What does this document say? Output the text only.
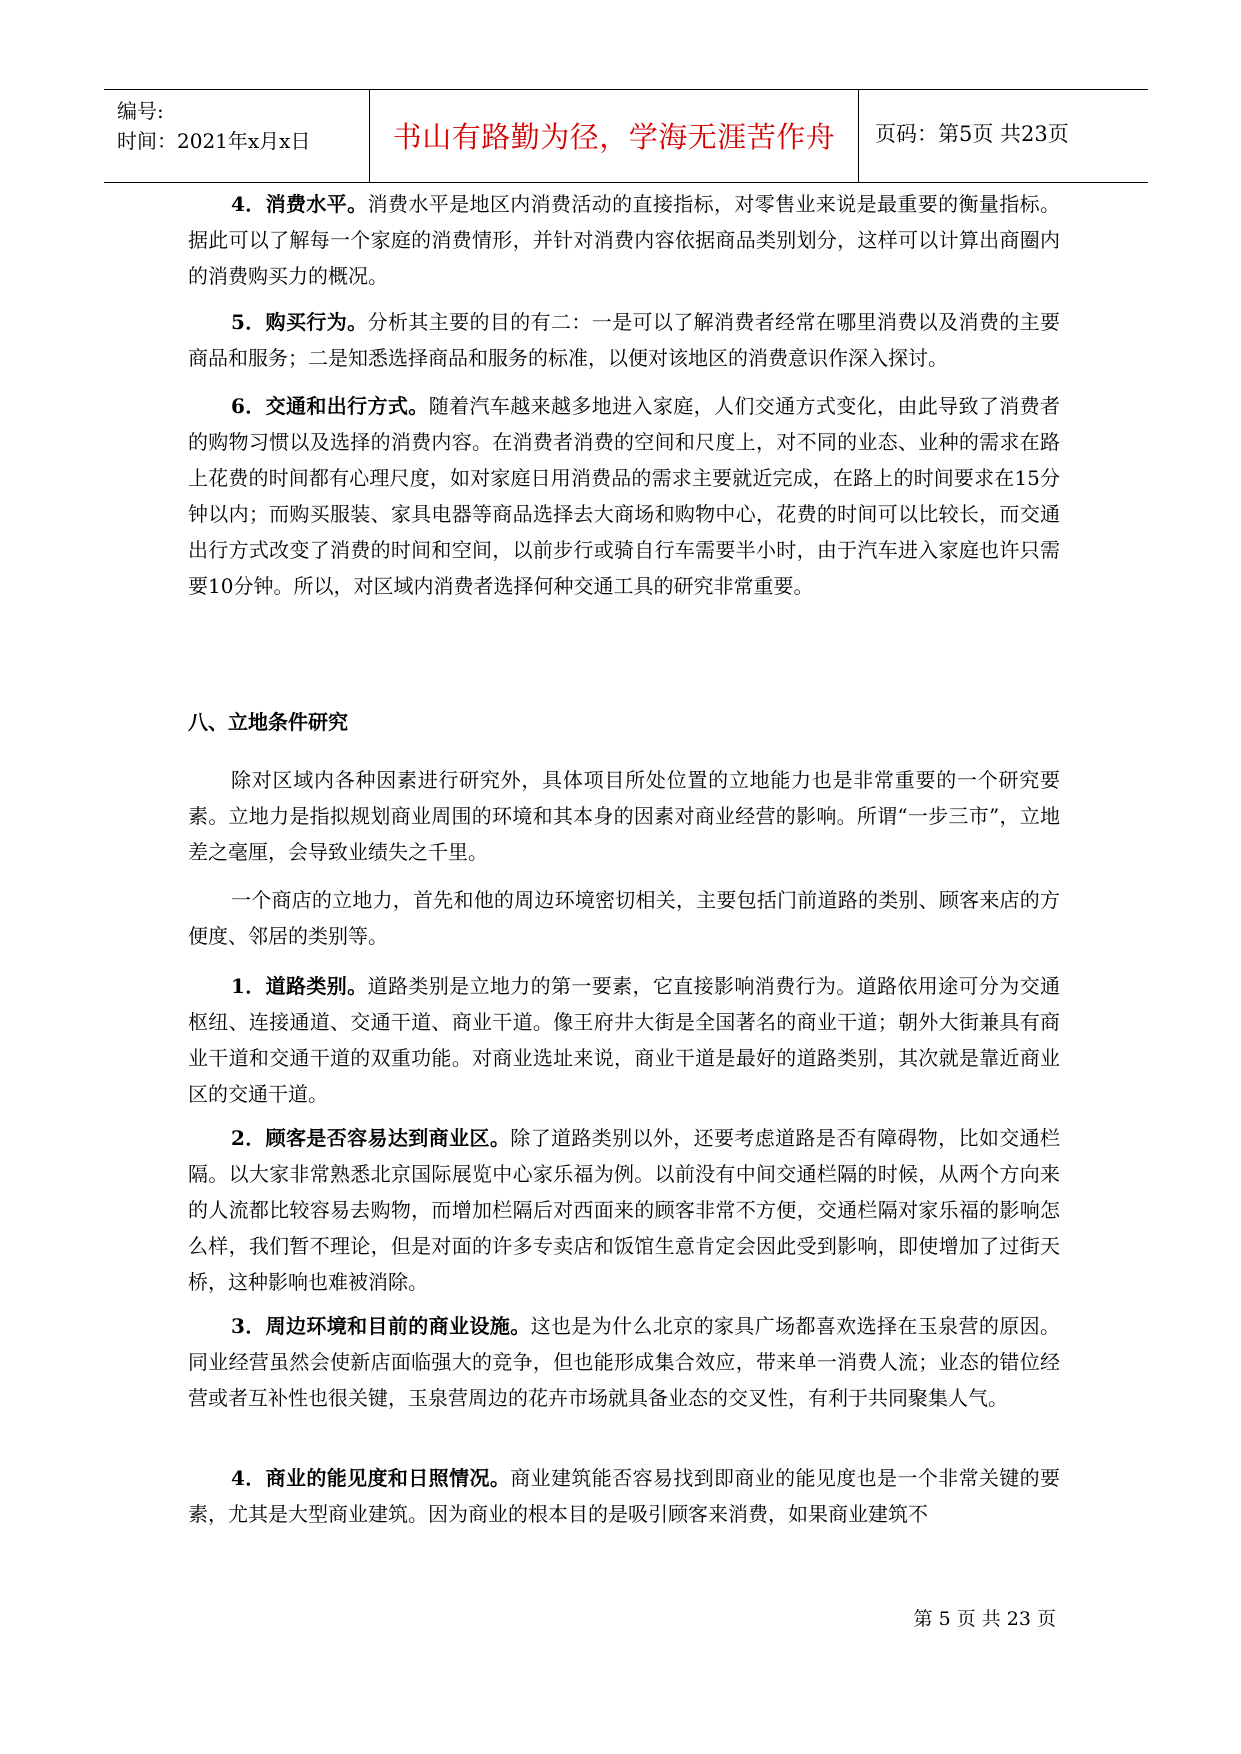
编号:
时间：2021年x月x日	书山有路勤为径，学海无涯苦作舟	页码：第5页 共23页

4．消费水平。消费水平是地区内消费活动的直接指标，对零售业来说是最重要的衡量指标。据此可以了解每一个家庭的消费情形，并针对消费内容依据商品类别划分，这样可以计算出商圈内的消费购买力的概况。

5．购买行为。分析其主要的目的有二：一是可以了解消费者经常在哪里消费以及消费的主要商品和服务；二是知悉选择商品和服务的标准，以便对该地区的消费意识作深入探讨。

6．交通和出行方式。随着汽车越来越多地进入家庭，人们交通方式变化，由此导致了消费者的购物习惯以及选择的消费内容。在消费者消费的空间和尺度上，对不同的业态、业种的需求在路上花费的时间都有心理尺度，如对家庭日用消费品的需求主要就近完成，在路上的时间要求在15分钟以内；而购买服装、家具电器等商品选择去大商场和购物中心，花费的时间可以比较长，而交通出行方式改变了消费的时间和空间，以前步行或骑自行车需要半小时，由于汽车进入家庭也许只需要10分钟。所以，对区域内消费者选择何种交通工具的研究非常重要。

八、立地条件研究

除对区域内各种因素进行研究外，具体项目所处位置的立地能力也是非常重要的一个研究要素。立地力是指拟规划商业周围的环境和其本身的因素对商业经营的影响。所谓“一步三市”，立地差之毫厘，会导致业绩失之千里。

一个商店的立地力，首先和他的周边环境密切相关，主要包括门前道路的类别、顾客来店的方便度、邻居的类别等。

1．道路类别。道路类别是立地力的第一要素，它直接影响消费行为。道路依用途可分为交通枢纽、连接通道、交通干道、商业干道。像王府井大街是全国著名的商业干道；朝外大街兼具有商业干道和交通干道的双重功能。对商业选址来说，商业干道是最好的道路类别，其次就是靠近商业区的交通干道。

2．顾客是否容易达到商业区。除了道路类别以外，还要考虑道路是否有障碍物，比如交通栏隔。以大家非常熟悉北京国际展览中心家乐福为例。以前没有中间交通栏隔的时候，从两个方向来的人流都比较容易去购物，而增加栏隔后对西面来的顾客非常不方便，交通栏隔对家乐福的影响怎么样，我们暂不理论，但是对面的许多专卖店和饭馆生意肯定会因此受到影响，即使增加了过街天桥，这种影响也难被消除。

3．周边环境和目前的商业设施。这也是为什么北京的家具广场都喜欢选择在玉泉营的原因。同业经营虽然会使新店面临强大的竞争，但也能形成集合效应，带来单一消费人流；业态的错位经营或者互补性也很关键，玉泉营周边的花卉市场就具备业态的交叉性，有利于共同聚集人气。

4．商业的能见度和日照情况。商业建筑能否容易找到即商业的能见度也是一个非常关键的要素，尤其是大型商业建筑。因为商业的根本目的是吸引顾客来消费，如果商业建筑不

第 5 页 共 23 页
